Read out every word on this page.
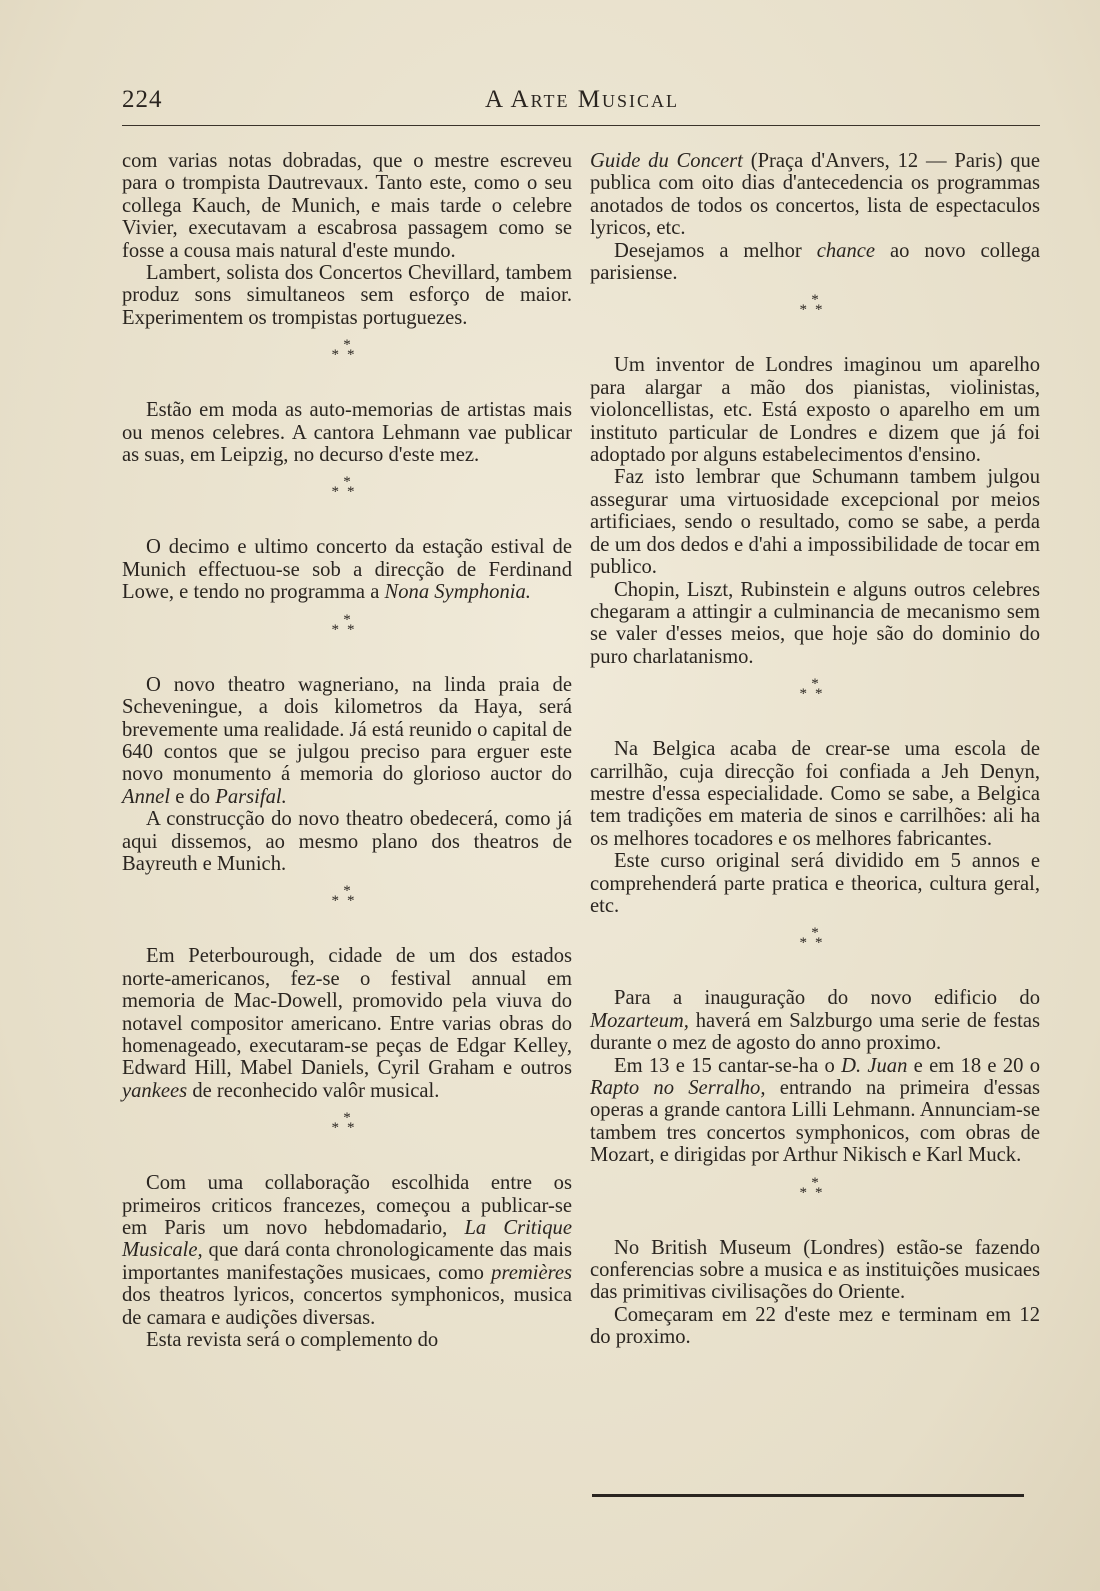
224	A Arte Musical

com varias notas dobradas, que o mestre escreveu para o trompista Dautrevaux. Tanto este, como o seu collega Kauch, de Munich, e mais tarde o celebre Vivier, executavam a escabrosa passagem como se fosse a cousa mais natural d'este mundo.

Lambert, solista dos Concertos Chevillard, tambem produz sons simultaneos sem esforço de maior. Experimentem os trompistas portuguezes.

*
**

Estão em moda as auto-memorias de artistas mais ou menos celebres. A cantora Lehmann vae publicar as suas, em Leipzig, no decurso d'este mez.

*
**

O decimo e ultimo concerto da estação estival de Munich effectuou-se sob a direcção de Ferdinand Lowe, e tendo no programma a Nona Symphonia.

*
**

O novo theatro wagneriano, na linda praia de Scheveningue, a dois kilometros da Haya, será brevemente uma realidade. Já está reunido o capital de 640 contos que se julgou preciso para erguer este novo monumento á memoria do glorioso auctor do Annel e do Parsifal.

A construcção do novo theatro obedecerá, como já aqui dissemos, ao mesmo plano dos theatros de Bayreuth e Munich.

*
**

Em Peterbourough, cidade de um dos estados norte-americanos, fez-se o festival annual em memoria de Mac-Dowell, promovido pela viuva do notavel compositor americano. Entre varias obras do homenageado, executaram-se peças de Edgar Kelley, Edward Hill, Mabel Daniels, Cyril Graham e outros yankees de reconhecido valôr musical.

*
**

Com uma collaboração escolhida entre os primeiros criticos francezes, começou a publicar-se em Paris um novo hebdomadario, La Critique Musicale, que dará conta chronologicamente das mais importantes manifestações musicaes, como premières dos theatros lyricos, concertos symphonicos, musica de camara e audições diversas.

Esta revista será o complemento do

Guide du Concert (Praça d'Anvers, 12 — Paris) que publica com oito dias d'antecedencia os programmas anotados de todos os concertos, lista de espectaculos lyricos, etc.

Desejamos a melhor chance ao novo collega parisiense.

*
**

Um inventor de Londres imaginou um aparelho para alargar a mão dos pianistas, violinistas, violoncellistas, etc. Está exposto o aparelho em um instituto particular de Londres e dizem que já foi adoptado por alguns estabelecimentos d'ensino.

Faz isto lembrar que Schumann tambem julgou assegurar uma virtuosidade excepcional por meios artificiaes, sendo o resultado, como se sabe, a perda de um dos dedos e d'ahi a impossibilidade de tocar em publico.

Chopin, Liszt, Rubinstein e alguns outros celebres chegaram a attingir a culminancia de mecanismo sem se valer d'esses meios, que hoje são do dominio do puro charlatanismo.

*
**

Na Belgica acaba de crear-se uma escola de carrilhão, cuja direcção foi confiada a Jeh Denyn, mestre d'essa especialidade. Como se sabe, a Belgica tem tradições em materia de sinos e carrilhões: ali ha os melhores tocadores e os melhores fabricantes.

Este curso original será dividido em 5 annos e comprehenderá parte pratica e theorica, cultura geral, etc.

*
**

Para a inauguração do novo edificio do Mozarteum, haverá em Salzburgo uma serie de festas durante o mez de agosto do anno proximo.

Em 13 e 15 cantar-se-ha o D. Juan e em 18 e 20 o Rapto no Serralho, entrando na primeira d'essas operas a grande cantora Lilli Lehmann. Annunciam-se tambem tres concertos symphonicos, com obras de Mozart, e dirigidas por Arthur Nikisch e Karl Muck.

*
**

No British Museum (Londres) estão-se fazendo conferencias sobre a musica e as instituições musicaes das primitivas civilisações do Oriente.

Começaram em 22 d'este mez e terminam em 12 do proximo.
